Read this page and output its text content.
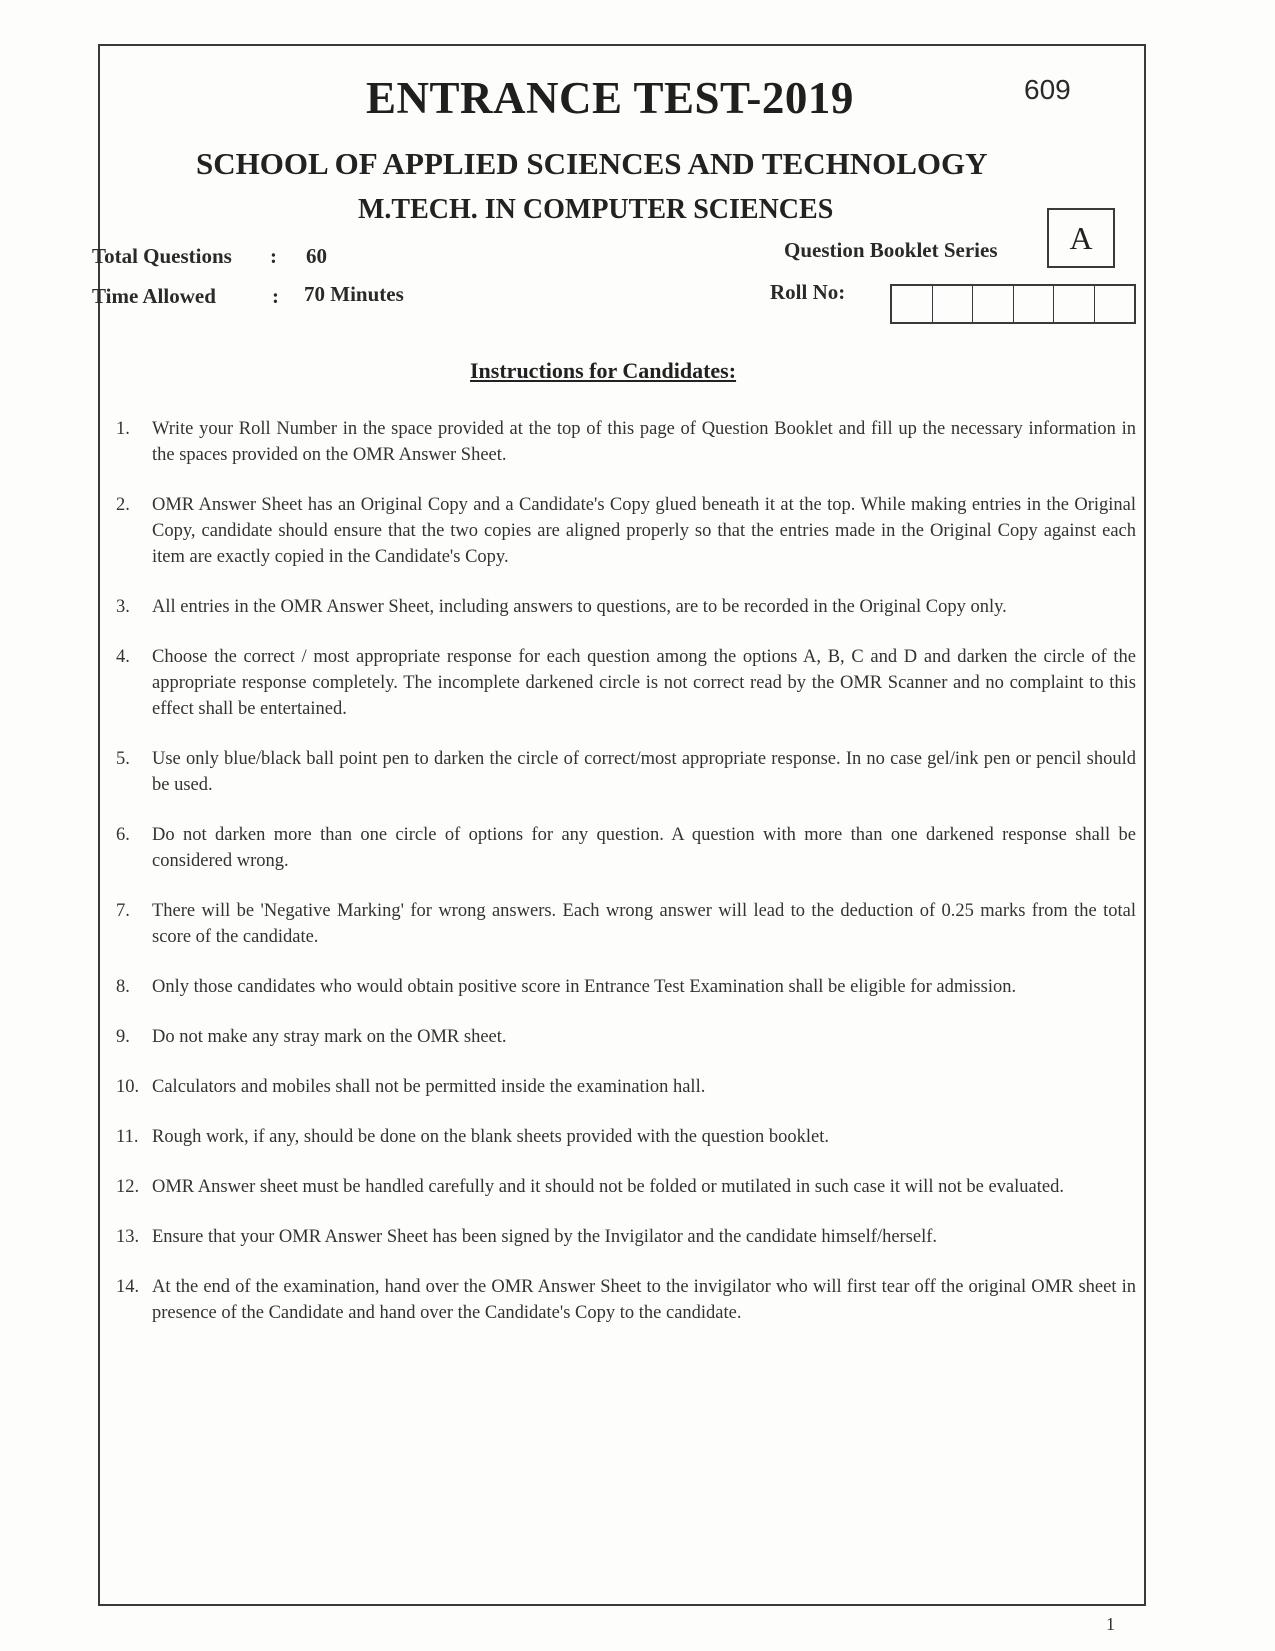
ENTRANCE TEST-2019	609
SCHOOL OF APPLIED SCIENCES AND TECHNOLOGY
M.TECH. IN COMPUTER SCIENCES
Total Questions : 60
Time Allowed	: 70 Minutes
Question Booklet Series A
Roll No:
Instructions for Candidates:
1.	Write your Roll Number in the space provided at the top of this page of Question Booklet and fill up the necessary information in the spaces provided on the OMR Answer Sheet.
2.	OMR Answer Sheet has an Original Copy and a Candidate's Copy glued beneath it at the top. While making entries in the Original Copy, candidate should ensure that the two copies are aligned properly so that the entries made in the Original Copy against each item are exactly copied in the Candidate's Copy.
3.	All entries in the OMR Answer Sheet, including answers to questions, are to be recorded in the Original Copy only.
4.	Choose the correct / most appropriate response for each question among the options A, B, C and D and darken the circle of the appropriate response completely. The incomplete darkened circle is not correct read by the OMR Scanner and no complaint to this effect shall be entertained.
5.	Use only blue/black ball point pen to darken the circle of correct/most appropriate response. In no case gel/ink pen or pencil should be used.
6.	Do not darken more than one circle of options for any question. A question with more than one darkened response shall be considered wrong.
7.	There will be 'Negative Marking' for wrong answers. Each wrong answer will lead to the deduction of 0.25 marks from the total score of the candidate.
8.	Only those candidates who would obtain positive score in Entrance Test Examination shall be eligible for admission.
9.	Do not make any stray mark on the OMR sheet.
10. Calculators and mobiles shall not be permitted inside the examination hall.
11. Rough work, if any, should be done on the blank sheets provided with the question booklet.
12. OMR Answer sheet must be handled carefully and it should not be folded or mutilated in such case it will not be evaluated.
13. Ensure that your OMR Answer Sheet has been signed by the Invigilator and the candidate himself/herself.
14. At the end of the examination, hand over the OMR Answer Sheet to the invigilator who will first tear off the original OMR sheet in presence of the Candidate and hand over the Candidate's Copy to the candidate.
1
